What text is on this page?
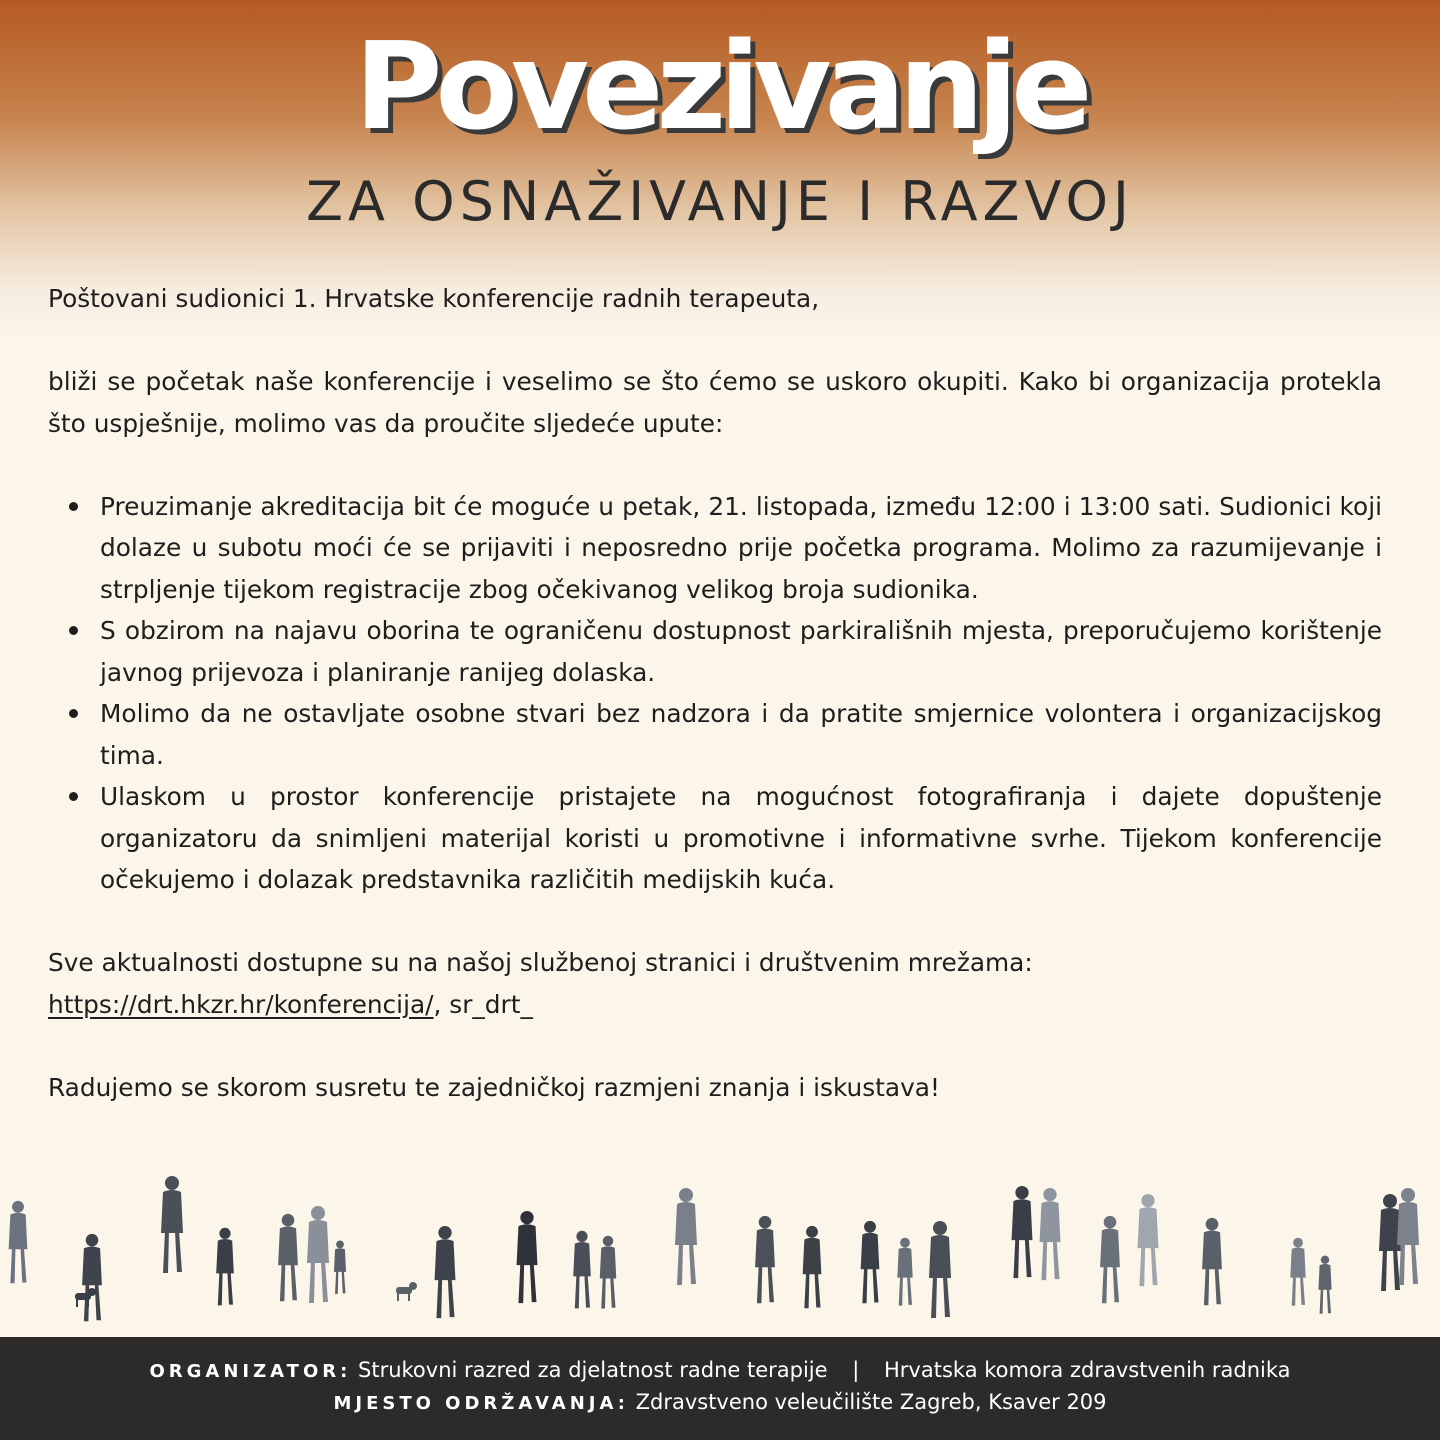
Povezivanje
ZA OSNAŽIVANJE I RAZVOJ

Poštovani sudionici 1. Hrvatske konferencije radnih terapeuta,

bliži se početak naše konferencije i veselimo se što ćemo se uskoro okupiti. Kako bi organizacija protekla što uspješnije, molimo vas da proučite sljedeće upute:

Preuzimanje akreditacija bit će moguće u petak, 21. listopada, između 12:00 i 13:00 sati. Sudionici koji dolaze u subotu moći će se prijaviti i neposredno prije početka programa. Molimo za razumijevanje i strpljenje tijekom registracije zbog očekivanog velikog broja sudionika.
S obzirom na najavu oborina te ograničenu dostupnost parkirališnih mjesta, preporučujemo korištenje javnog prijevoza i planiranje ranijeg dolaska.
Molimo da ne ostavljate osobne stvari bez nadzora i da pratite smjernice volontera i organizacijskog tima.
Ulaskom u prostor konferencije pristajete na mogućnost fotografiranja i dajete dopuštenje organizatoru da snimljeni materijal koristi u promotivne i informativne svrhe. Tijekom konferencije očekujemo i dolazak predstavnika različitih medijskih kuća.

Sve aktualnosti dostupne su na našoj službenoj stranici i društvenim mrežama:
https://drt.hkzr.hr/konferencija/, sr_drt_

Radujemo se skorom susretu te zajedničkoj razmjeni znanja i iskustava!

ORGANIZATOR: Strukovni razred za djelatnost radne terapije | Hrvatska komora zdravstvenih radnika
MJESTO ODRŽAVANJA: Zdravstveno veleučilište Zagreb, Ksaver 209
